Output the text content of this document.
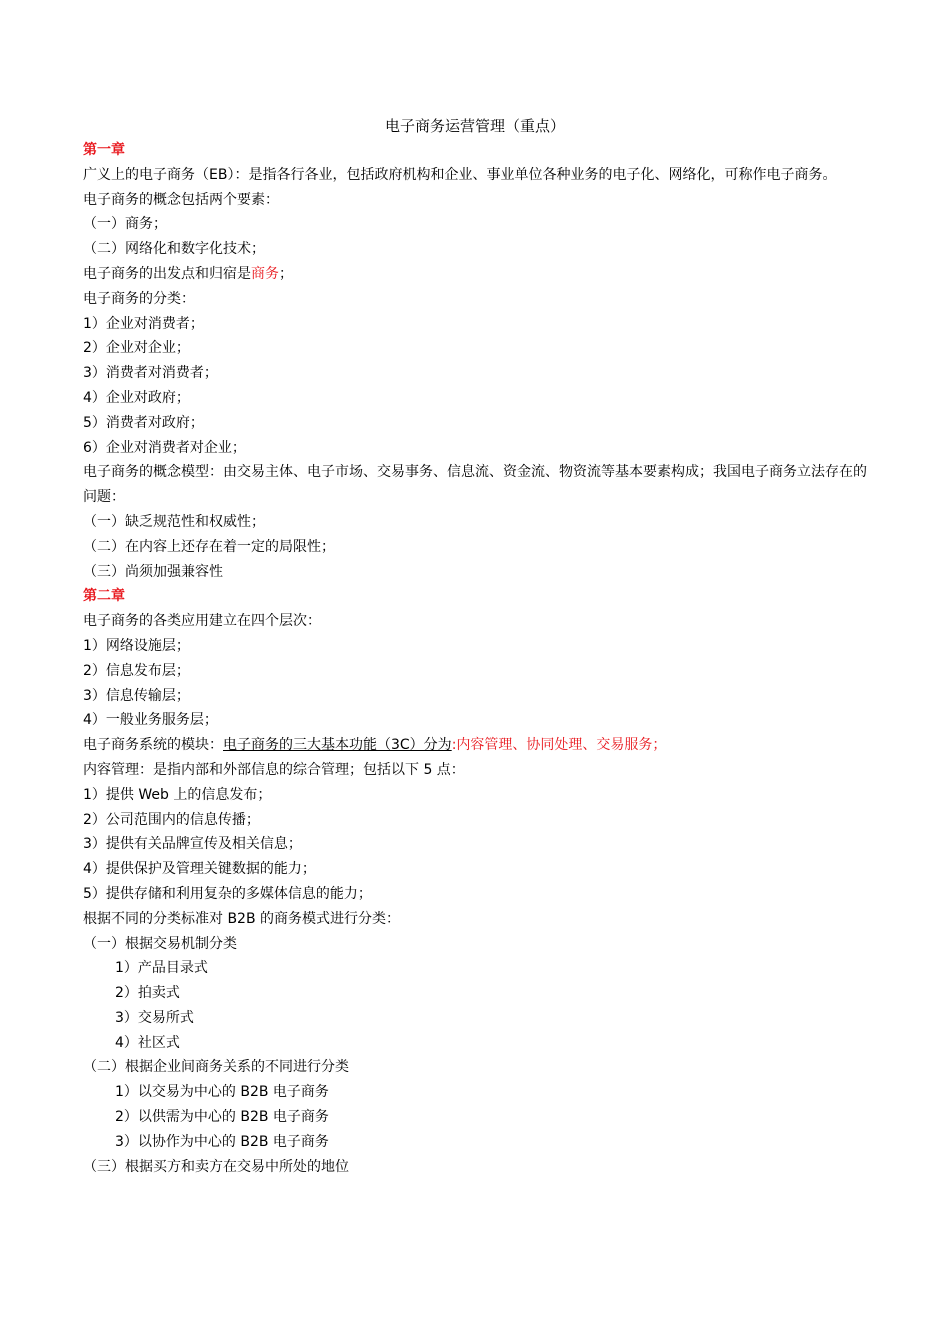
电子商务运营管理（重点）

第一章

广义上的电子商务（EB）：是指各行各业，包括政府机构和企业、事业单位各种业务的电子化、网络化，可称作电子商务。

电子商务的概念包括两个要素：

（一）商务；

（二）网络化和数字化技术；

电子商务的出发点和归宿是商务；

电子商务的分类：

1）企业对消费者；

2）企业对企业；

3）消费者对消费者；

4）企业对政府；

5）消费者对政府；

6）企业对消费者对企业；

电子商务的概念模型：由交易主体、电子市场、交易事务、信息流、资金流、物资流等基本要素构成；我国电子商务立法存在的问题：

（一）缺乏规范性和权威性；

（二）在内容上还存在着一定的局限性；

（三）尚须加强兼容性

第二章

电子商务的各类应用建立在四个层次：

1）网络设施层；

2）信息发布层；

3）信息传输层；

4）一般业务服务层；

电子商务系统的模块：电子商务的三大基本功能（3C）分为:内容管理、协同处理、交易服务；

内容管理：是指内部和外部信息的综合管理；包括以下 5 点：

1）提供 Web 上的信息发布；

2）公司范围内的信息传播；

3）提供有关品牌宣传及相关信息；

4）提供保护及管理关键数据的能力；

5）提供存储和利用复杂的多媒体信息的能力；

根据不同的分类标准对 B2B 的商务模式进行分类：

（一）根据交易机制分类

1）产品目录式

2）拍卖式

3）交易所式

4）社区式

（二）根据企业间商务关系的不同进行分类

1）以交易为中心的 B2B 电子商务

2）以供需为中心的 B2B 电子商务

3）以协作为中心的 B2B 电子商务

（三）根据买方和卖方在交易中所处的地位
